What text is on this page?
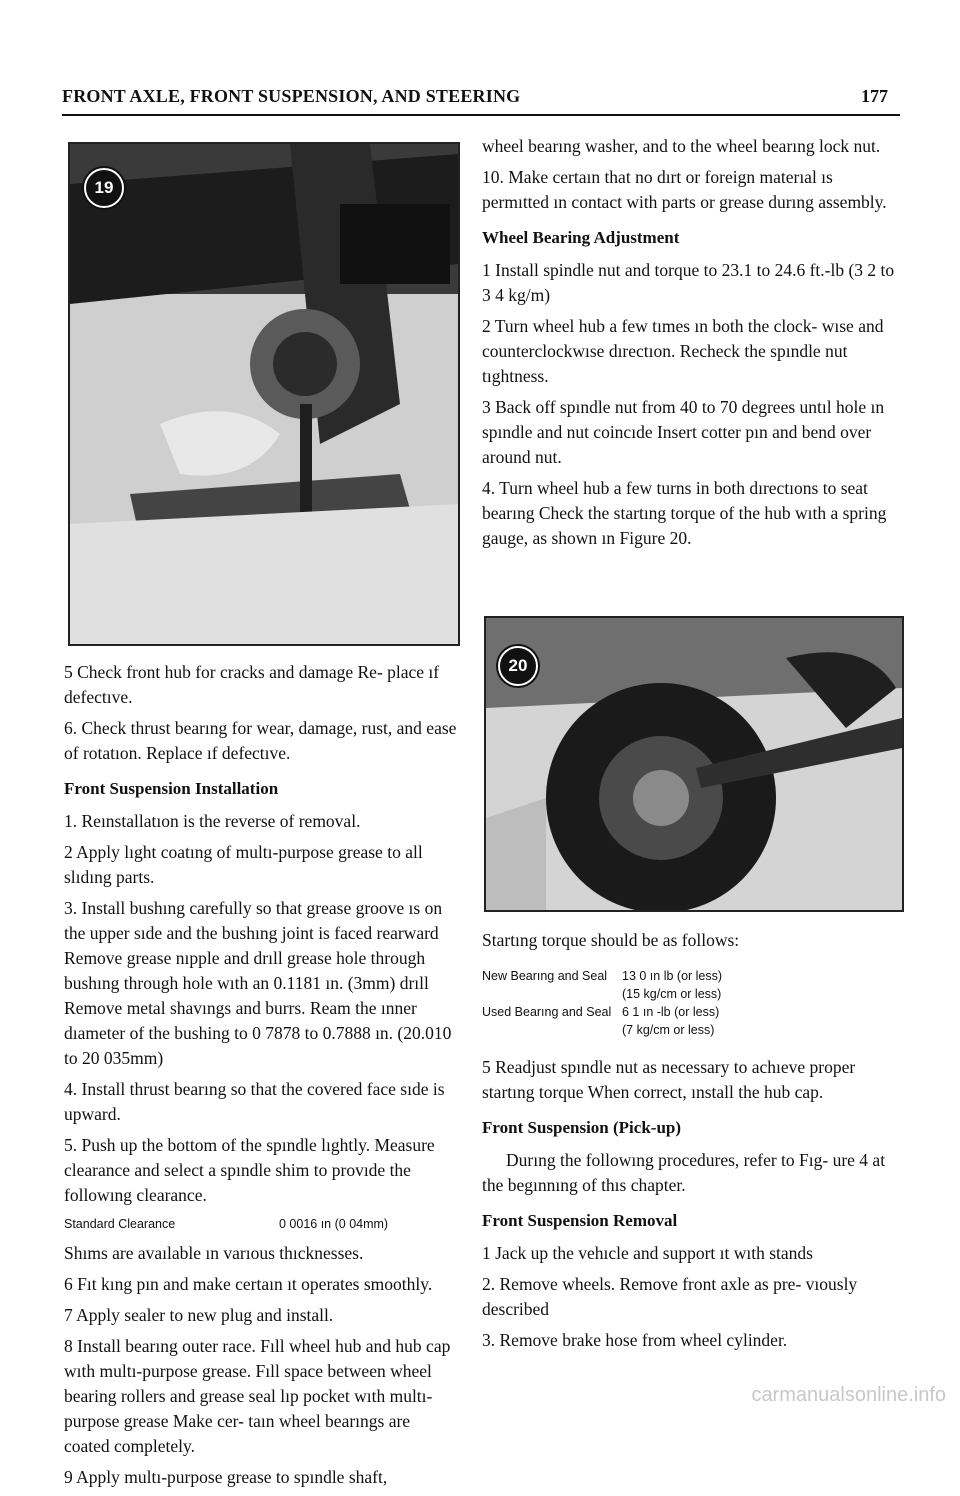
FRONT AXLE, FRONT SUSPENSION, AND STEERING	177
19
20

5 Check front hub for cracks and damage Re- place ıf defectıve.

6. Check thrust bearıng for wear, damage, rust, and ease of rotatıon. Replace ıf defectıve.

Front Suspension Installation

1. Reınstallatıon is the reverse of removal.

2 Apply lıght coatıng of multı-purpose grease to all slıdıng parts.

3. Install bushıng carefully so that grease groove ıs on the upper sıde and the bushıng joint is faced rearward Remove grease nıpple and drıll grease hole through bushıng through hole wıth an 0.1181 ın. (3mm) drıll Remove metal shavıngs and burrs. Ream the ınner dıameter of the bushing to 0 7878 to 0.7888 ın. (20.010 to 20 035mm)

4. Install thrust bearıng so that the covered face sıde is upward.

5. Push up the bottom of the spındle lıghtly. Measure clearance and select a spındle shim to provıde the followıng clearance.

Standard Clearance	0 0016 ın (0 04mm)

Shıms are avaılable ın varıous thıcknesses.

6 Fıt kıng pın and make certaın ıt operates smoothly.

7 Apply sealer to new plug and install.

8 Install bearıng outer race. Fıll wheel hub and hub cap wıth multı-purpose grease. Fıll space between wheel bearing rollers and grease seal lıp pocket wıth multı-purpose grease Make cer- taın wheel bearıngs are coated completely.

9 Apply multı-purpose grease to spındle shaft,

wheel bearıng washer, and to the wheel bearıng lock nut.

10. Make certaın that no dırt or foreign materıal ıs permıtted ın contact with parts or grease durıng assembly.

Wheel Bearing Adjustment

1 Install spindle nut and torque to 23.1 to 24.6 ft.-lb (3 2 to 3 4 kg/m)

2 Turn wheel hub a few tımes ın both the clock- wıse and counterclockwıse dırectıon. Recheck the spındle nut tıghtness.

3 Back off spındle nut from 40 to 70 degrees untıl hole ın spındle and nut coincıde Insert cotter pın and bend over around nut.

4. Turn wheel hub a few turns in both dırectıons to seat bearıng Check the startıng torque of the hub wıth a spring gauge, as shown ın Figure 20.

Startıng torque should be as follows:

New Bearıng and Seal	13 0 ın lb (or less)
(15 kg/cm or less)
Used Bearıng and Seal 6 1 ın -lb (or less)
(7 kg/cm or less)

5 Readjust spındle nut as necessary to achıeve proper startıng torque When correct, ınstall the hub cap.

Front Suspension (Pick-up)

Durıng the followıng procedures, refer to Fıg- ure 4 at the begınnıng of thıs chapter.

Front Suspension Removal

1 Jack up the vehıcle and support ıt wıth stands

2. Remove wheels. Remove front axle as pre- vıously described

3. Remove brake hose from wheel cylinder.

carmanualsonline.info
